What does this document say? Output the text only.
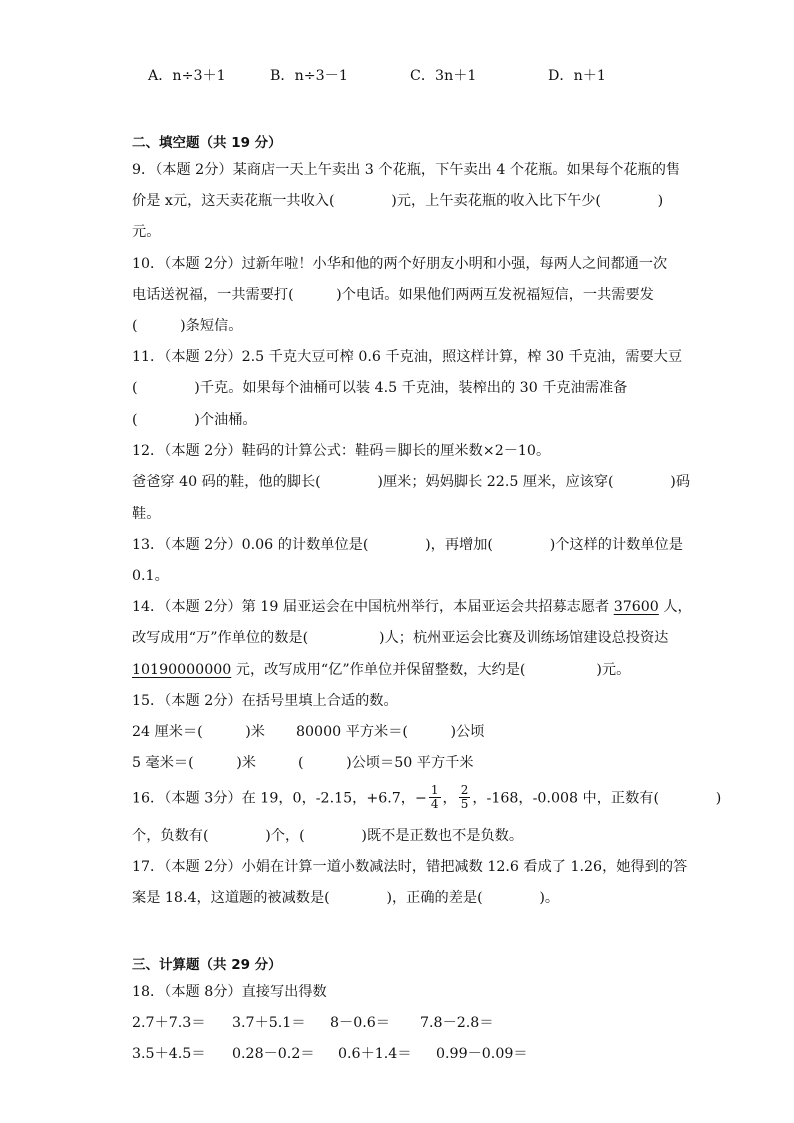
A．n÷3＋1	B．n÷3－1	C．3n＋1	D．n＋1
二、填空题（共 19 分）
9．（本题 2分）某商店一天上午卖出 3 个花瓶，下午卖出 4 个花瓶。如果每个花瓶的售
价是 x元，这天卖花瓶一共收入(　　　　)元，上午卖花瓶的收入比下午少(　　　　)
元。
10．（本题 2分）过新年啦！小华和他的两个好朋友小明和小强，每两人之间都通一次
电话送祝福，一共需要打(　　　)个电话。如果他们两两互发祝福短信，一共需要发
(　　　)条短信。
11．（本题 2分）2.5 千克大豆可榨 0.6 千克油，照这样计算，榨 30 千克油，需要大豆
(　　　　)千克。如果每个油桶可以装 4.5 千克油，装榨出的 30 千克油需准备
(　　　　)个油桶。
12．（本题 2分）鞋码的计算公式：鞋码＝脚长的厘米数×2－10。
爸爸穿 40 码的鞋，他的脚长(　　　　)厘米；妈妈脚长 22.5 厘米，应该穿(　　　　)码
鞋。
13．（本题 2分）0.06 的计数单位是(　　　　)，再增加(　　　　)个这样的计数单位是
0.1。
14．（本题 2分）第 19 届亚运会在中国杭州举行，本届亚运会共招募志愿者 37600 人，
改写成用“万”作单位的数是(　　　　　)人；杭州亚运会比赛及训练场馆建设总投资达
10190000000 元，改写成用“亿”作单位并保留整数，大约是(　　　　　)元。
15．（本题 2分）在括号里填上合适的数。
24 厘米＝(　　　)米 80000 平方米＝(　　　)公顷
5 毫米＝(　　　)米	(　　　)公顷＝50 平方千米
16．（本题 3分）在 19，0，-2.15，+6.7，− $\frac{1}{4}$ ， $\frac{2}{5}$ ，-168，-0.008 中，正数有(　　　　)
个，负数有(　　　　)个，(　　　　)既不是正数也不是负数。
17．（本题 2分）小娟在计算一道小数减法时，错把减数 12.6 看成了 1.26，她得到的答
案是 18.4，这道题的被减数是(　　　　)，正确的差是(　　　　)。
三、计算题（共 29 分）
18．（本题 8分）直接写出得数
2.7＋7.3＝ 3.7＋5.1＝ 8－0.6＝ 7.8－2.8＝
3.5＋4.5＝ 0.28－0.2＝ 0.6＋1.4＝ 0.99－0.09＝
